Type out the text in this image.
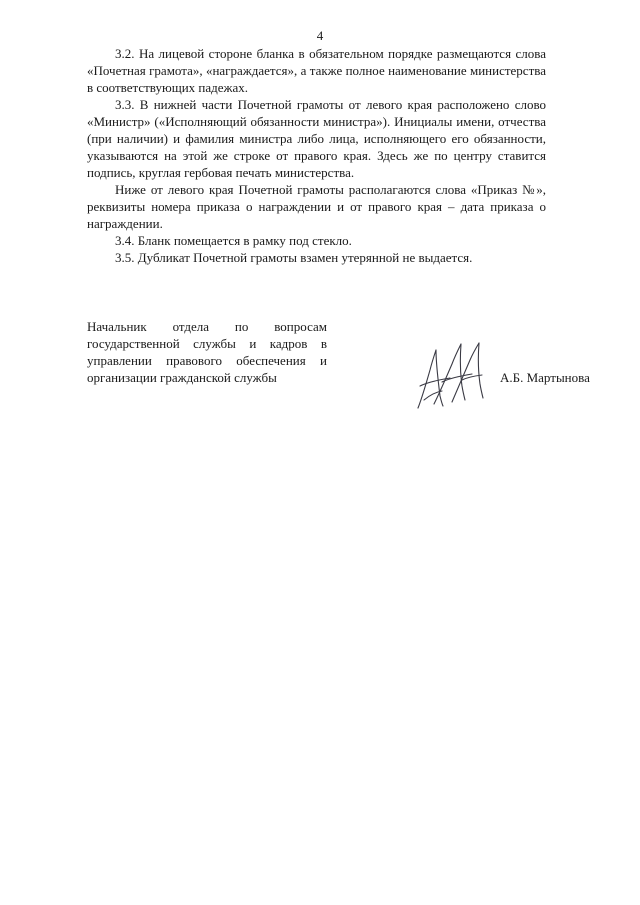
4

3.2. На лицевой стороне бланка в обязательном порядке размещаются слова «Почетная грамота», «награждается», а также полное наименование министерства в соответствующих падежах.

3.3. В нижней части Почетной грамоты от левого края расположено слово «Министр» («Исполняющий обязанности министра»). Инициалы имени, отчества (при наличии) и фамилия министра либо лица, исполняющего его обязанности, указываются на этой же строке от правого края. Здесь же по центру ставится подпись, круглая гербовая печать министерства.

Ниже от левого края Почетной грамоты располагаются слова «Приказ №», реквизиты номера приказа о награждении и от правого края – дата приказа о награждении.

3.4. Бланк помещается в рамку под стекло.

3.5. Дубликат Почетной грамоты взамен утерянной не выдается.

Начальник отдела по вопросам
государственной службы и кадров в
управлении правового обеспечения и
организации гражданской службы	А.Б. Мартынова
